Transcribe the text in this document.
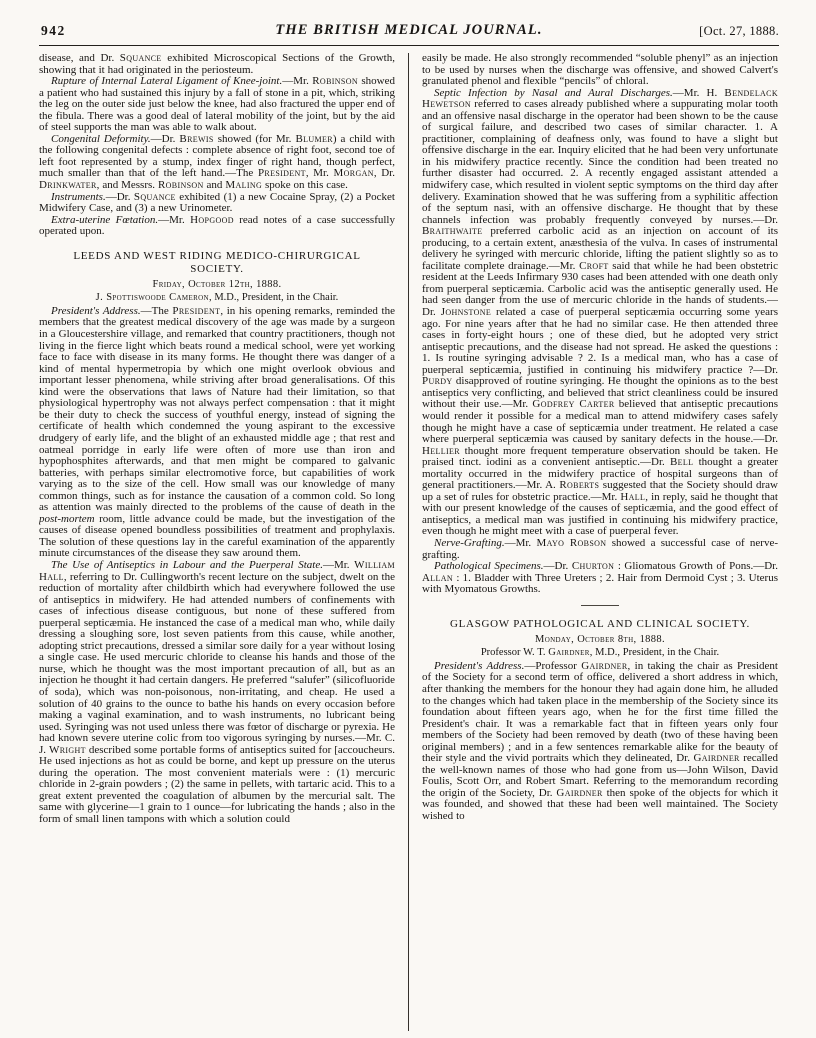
942	THE BRITISH MEDICAL JOURNAL.	[Oct. 27, 1888.

disease, and Dr. Squance exhibited Microscopical Sections of the Growth, showing that it had originated in the periosteum.

Rupture of Internal Lateral Ligament of Knee-joint.—Mr. Robinson showed a patient who had sustained this injury by a fall of stone in a pit, which, striking the leg on the outer side just below the knee, had also fractured the upper end of the fibula. There was a good deal of lateral mobility of the joint, but by the aid of steel supports the man was able to walk about.

Congenital Deformity.—Dr. Brewis showed (for Mr. Blumer) a child with the following congenital defects : complete absence of right foot, second toe of left foot represented by a stump, index finger of right hand, though perfect, much smaller than that of the left hand.—The President, Mr. Morgan, Dr. Drinkwater, and Messrs. Robinson and Maling spoke on this case.

Instruments.—Dr. Squance exhibited (1) a new Cocaine Spray, (2) a Pocket Midwifery Case, and (3) a new Urinometer.

Extra-uterine Fœtation.—Mr. Hopgood read notes of a case successfully operated upon.

LEEDS AND WEST RIDING MEDICO-CHIRURGICAL SOCIETY.
Friday, October 12th, 1888.
J. Spottiswoode Cameron, M.D., President, in the Chair.

President's Address.—The President, in his opening remarks, reminded the members that the greatest medical discovery of the age was made by a surgeon in a Gloucestershire village, and remarked that country practitioners, though not living in the fierce light which beats round a medical school, were yet working face to face with disease in its many forms. He thought there was danger of a kind of mental hypermetropia by which one might overlook obvious and important lesser phenomena, while striving after broad generalisations. Of this kind were the observations that laws of Nature had their limitation, so that physiological hypertrophy was not always perfect compensation : that it might be their duty to check the success of youthful energy, instead of signing the certificate of health which condemned the young aspirant to the excessive drudgery of early life, and the blight of an exhausted middle age ; that rest and oatmeal porridge in early life were often of more use than iron and hypophosphites afterwards, and that men might be compared to galvanic batteries, with perhaps similar electromotive force, but capabilities of work varying as to the size of the cell. How small was our knowledge of many common things, such as for instance the causation of a common cold. So long as attention was mainly directed to the problems of the cause of death in the post-mortem room, little advance could be made, but the investigation of the causes of disease opened boundless possibilities of treatment and prophylaxis. The solution of these questions lay in the careful examination of the apparently minute circumstances of the disease they saw around them.

The Use of Antiseptics in Labour and the Puerperal State.—Mr. William Hall, referring to Dr. Cullingworth's recent lecture on the subject, dwelt on the reduction of mortality after childbirth which had everywhere followed the use of antiseptics in midwifery. He had attended numbers of confinements with cases of infectious disease contiguous, but none of these suffered from puerperal septicæmia. He instanced the case of a medical man who, while daily dressing a sloughing sore, lost seven patients from this cause, while another, adopting strict precautions, dressed a similar sore daily for a year without losing a single case. He used mercuric chloride to cleanse his hands and those of the nurse, which he thought was the most important precaution of all, but as an injection he thought it had certain dangers. He preferred “salufer” (silicofluoride of soda), which was non-poisonous, non-irritating, and cheap. He used a solution of 40 grains to the ounce to bathe his hands on every occasion before making a vaginal examination, and to wash instruments, no lubricant being used. Syringing was not used unless there was fœtor of discharge or pyrexia. He had known severe uterine colic from too vigorous syringing by nurses.—Mr. C. J. Wright described some portable forms of antiseptics suited for [accoucheurs. He used injections as hot as could be borne, and kept up pressure on the uterus during the operation. The most convenient materials were : (1) mercuric chloride in 2-grain powders ; (2) the same in pellets, with tartaric acid. This to a great extent prevented the coagulation of albumen by the mercurial salt. The same with glycerine—1 grain to 1 ounce—for lubricating the hands ; also in the form of small linen tampons with which a solution could

easily be made. He also strongly recommended “soluble phenyl” as an injection to be used by nurses when the discharge was offensive, and showed Calvert's granulated phenol and flexible “pencils” of chloral.

Septic Infection by Nasal and Aural Discharges.—Mr. H. Bendelack Hewetson referred to cases already published where a suppurating molar tooth and an offensive nasal discharge in the operator had been shown to be the cause of surgical failure, and described two cases of similar character. 1. A practitioner, complaining of deafness only, was found to have a slight but offensive discharge in the ear. Inquiry elicited that he had been very unfortunate in his midwifery practice recently. Since the condition had been treated no further disaster had occurred. 2. A recently engaged assistant attended a midwifery case, which resulted in violent septic symptoms on the third day after delivery. Examination showed that he was suffering from a syphilitic affection of the septum nasi, with an offensive discharge. He thought that by these channels infection was probably frequently conveyed by nurses.—Dr. Braithwaite preferred carbolic acid as an injection on account of its producing, to a certain extent, anæsthesia of the vulva. In cases of instrumental delivery he syringed with mercuric chloride, lifting the patient slightly so as to facilitate complete drainage.—Mr. Croft said that while he had been obstetric resident at the Leeds Infirmary 930 cases had been attended with one death only from puerperal septicæmia. Carbolic acid was the antiseptic generally used. He had seen danger from the use of mercuric chloride in the hands of students.—Dr. Johnstone related a case of puerperal septicæmia occurring some years ago. For nine years after that he had no similar case. He then attended three cases in forty-eight hours ; one of these died, but he adopted very strict antiseptic precautions, and the disease had not spread. He asked the questions : 1. Is routine syringing advisable ? 2. Is a medical man, who has a case of puerperal septicæmia, justified in continuing his midwifery practice ?—Dr. Purdy disapproved of routine syringing. He thought the opinions as to the best antiseptics very conflicting, and believed that strict cleanliness could be insured without their use.—Mr. Godfrey Carter believed that antiseptic precautions would render it possible for a medical man to attend midwifery cases safely though he might have a case of septicæmia under treatment. He related a case where puerperal septicæmia was caused by sanitary defects in the house.—Dr. Hellier thought more frequent temperature observation should be taken. He praised tinct. iodini as a convenient antiseptic.—Dr. Bell thought a greater mortality occurred in the midwifery practice of hospital surgeons than of general practitioners.—Mr. A. Roberts suggested that the Society should draw up a set of rules for obstetric practice.—Mr. Hall, in reply, said he thought that with our present knowledge of the causes of septicæmia, and the good effect of antiseptics, a medical man was justified in continuing his midwifery practice, even though he might meet with a case of puerperal fever.

Nerve-Grafting.—Mr. Mayo Robson showed a successful case of nerve-grafting.

Pathological Specimens.—Dr. Churton : Gliomatous Growth of Pons.—Dr. Allan : 1. Bladder with Three Ureters ; 2. Hair from Dermoid Cyst ; 3. Uterus with Myomatous Growths.

GLASGOW PATHOLOGICAL AND CLINICAL SOCIETY.
Monday, October 8th, 1888.
Professor W. T. Gairdner, M.D., President, in the Chair.

President's Address.—Professor Gairdner, in taking the chair as President of the Society for a second term of office, delivered a short address in which, after thanking the members for the honour they had again done him, he alluded to the changes which had taken place in the membership of the Society since its foundation about fifteen years ago, when he for the first time filled the President's chair. It was a remarkable fact that in fifteen years only four members of the Society had been removed by death (two of these having been original members) ; and in a few sentences remarkable alike for the beauty of their style and the vivid portraits which they delineated, Dr. Gairdner recalled the well-known names of those who had gone from us—John Wilson, David Foulis, Scott Orr, and Robert Smart. Referring to the memorandum recording the origin of the Society, Dr. Gairdner then spoke of the objects for which it was founded, and showed that these had been well maintained. The Society wished to
